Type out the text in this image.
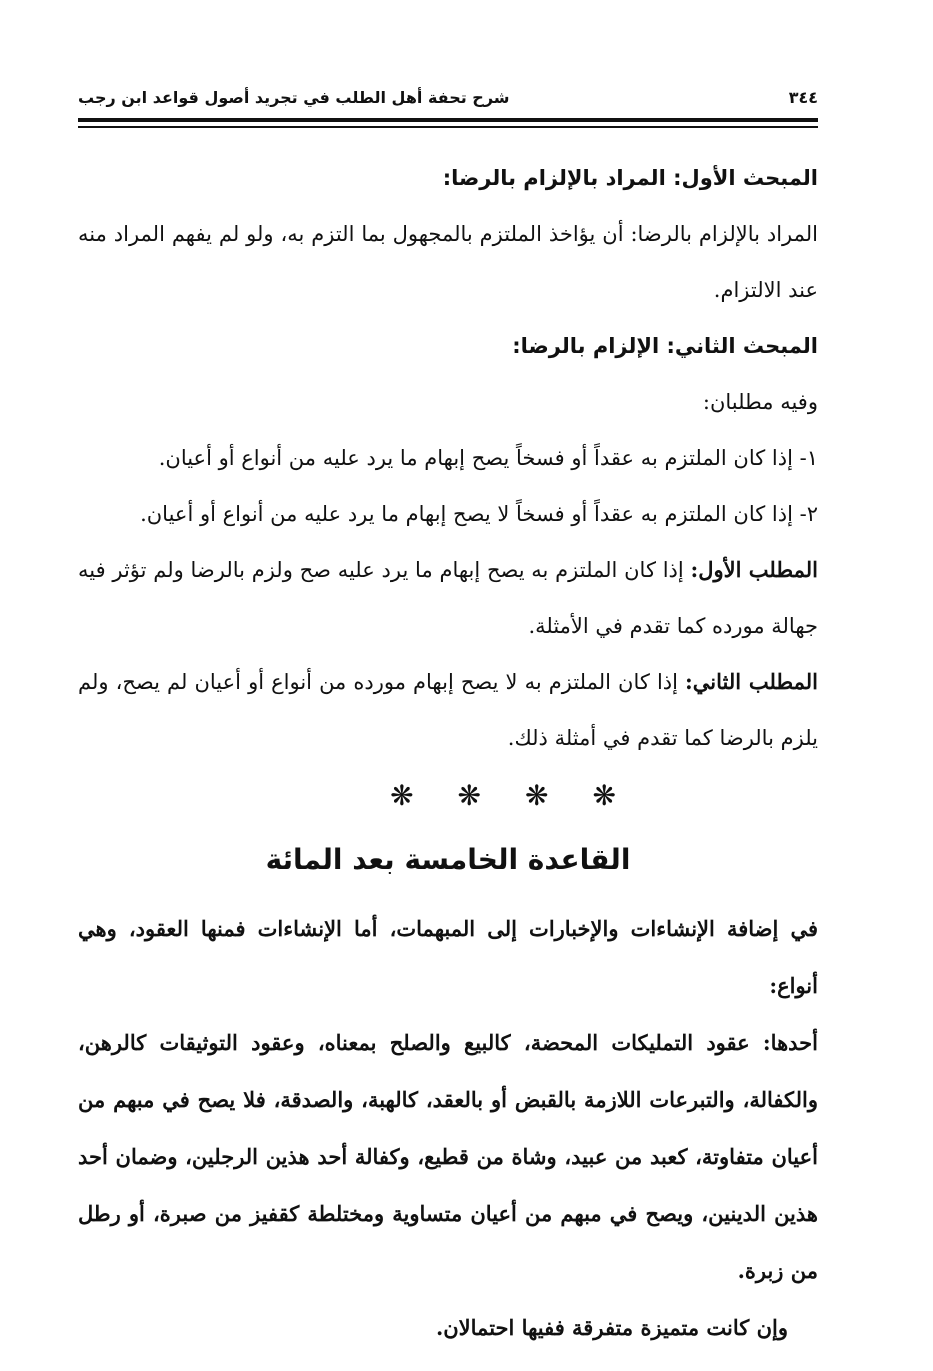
٣٤٤
شرح تحفة أهل الطلب في تجريد أصول قواعد ابن رجب

المبحث الأول: المراد بالإلزام بالرضا:

المراد بالإلزام بالرضا: أن يؤاخذ الملتزم بالمجهول بما التزم به، ولو لم يفهم المراد منه عند الالتزام.

المبحث الثاني: الإلزام بالرضا:

وفيه مطلبان:

١- إذا كان الملتزم به عقداً أو فسخاً يصح إبهام ما يرد عليه من أنواع أو أعيان.

٢- إذا كان الملتزم به عقداً أو فسخاً لا يصح إبهام ما يرد عليه من أنواع أو أعيان.

المطلب الأول: إذا كان الملتزم به يصح إبهام ما يرد عليه صح ولزم بالرضا ولم تؤثر فيه جهالة مورده كما تقدم في الأمثلة.

المطلب الثاني: إذا كان الملتزم به لا يصح إبهام مورده من أنواع أو أعيان لم يصح، ولم يلزم بالرضا كما تقدم في أمثلة ذلك.

❋ ❋ ❋ ❋

القاعدة الخامسة بعد المائة

في إضافة الإنشاءات والإخبارات إلى المبهمات، أما الإنشاءات فمنها العقود، وهي أنواع:

أحدها: عقود التمليكات المحضة، كالبيع والصلح بمعناه، وعقود التوثيقات كالرهن، والكفالة، والتبرعات اللازمة بالقبض أو بالعقد، كالهبة، والصدقة، فلا يصح في مبهم من أعيان متفاوتة، كعبد من عبيد، وشاة من قطيع، وكفالة أحد هذين الرجلين، وضمان أحد هذين الدينين، ويصح في مبهم من أعيان متساوية ومختلطة كقفيز من صبرة، أو رطل من زبرة.

وإن كانت متميزة متفرقة ففيها احتمالان.
